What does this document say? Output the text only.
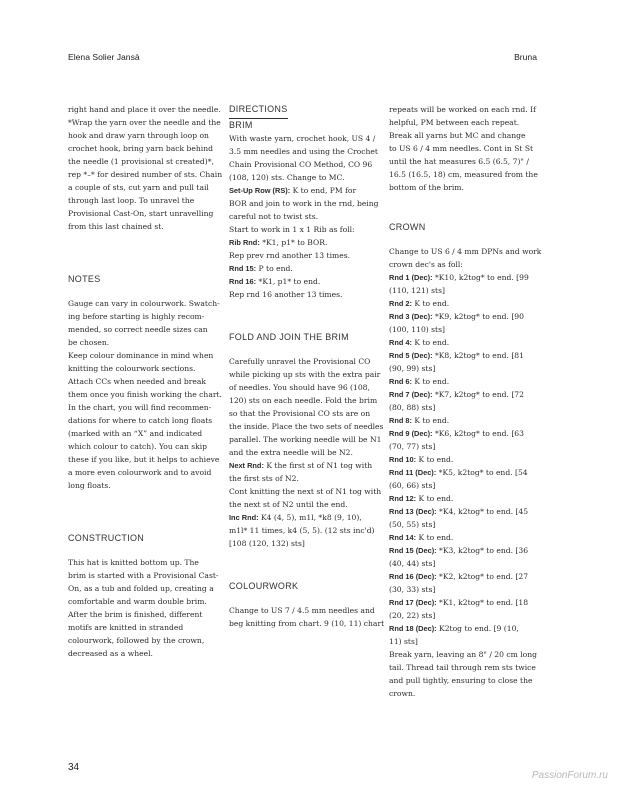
Elena Solier Jansà	Bruna

right hand and place it over the needle.
*Wrap the yarn over the needle and the
hook and draw yarn through loop on
crochet hook, bring yarn back behind
the needle (1 provisional st created)*,
rep *–* for desired number of sts. Chain
a couple of sts, cut yarn and pull tail
through last loop. To unravel the
Provisional Cast-On, start unravelling
from this last chained st.

NOTES

Gauge can vary in colourwork. Swatch-
ing before starting is highly recom-
mended, so correct needle sizes can
be chosen.

Keep colour dominance in mind when
knitting the colourwork sections.
Attach CCs when needed and break
them once you finish working the chart.

In the chart, you will find recommen-
dations for where to catch long floats
(marked with an “X” and indicated
which colour to catch). You can skip
these if you like, but it helps to achieve
a more even colourwork and to avoid
long floats.

CONSTRUCTION

This hat is knitted bottom up. The
brim is started with a Provisional Cast-
On, as a tub and folded up, creating a
comfortable and warm double brim.
After the brim is finished, different
motifs are knitted in stranded
colourwork, followed by the crown,
decreased as a wheel.

DIRECTIONS

BRIM

With waste yarn, crochet hook, US 4 /
3.5 mm needles and using the Crochet
Chain Provisional CO Method, CO 96
(108, 120) sts. Change to MC.

Set-Up Row (RS): K to end, PM for
BOR and join to work in the rnd, being
careful not to twist sts.

Start to work in 1 x 1 Rib as foll:
Rib Rnd: *K1, p1* to BOR.
Rep prev rnd another 13 times.

Rnd 15: P to end.
Rnd 16: *K1, p1* to end.
Rep rnd 16 another 13 times.

FOLD AND JOIN THE BRIM

Carefully unravel the Provisional CO
while picking up sts with the extra pair
of needles. You should have 96 (108,
120) sts on each needle. Fold the brim
so that the Provisional CO sts are on
the inside. Place the two sets of needles
parallel. The working needle will be N1
and the extra needle will be N2.

Next Rnd: K the first st of N1 tog with
the first sts of N2.
Cont knitting the next st of N1 tog with
the next st of N2 until the end.

Inc Rnd: K4 (4, 5), m1l, *k8 (9, 10),
m1l* 11 times, k4 (5, 5). (12 sts inc'd)
[108 (120, 132) sts]

COLOURWORK

Change to US 7 / 4.5 mm needles and
beg knitting from chart. 9 (10, 11) chart

repeats will be worked on each rnd. If
helpful, PM between each repeat.

Break all yarns but MC and change
to US 6 / 4 mm needles. Cont in St St
until the hat measures 6.5 (6.5, 7)" /
16.5 (16.5, 18) cm, measured from the
bottom of the brim.

CROWN

Change to US 6 / 4 mm DPNs and work
crown dec's as foll:

Rnd 1 (Dec): *K10, k2tog* to end. [99
(110, 121) sts]
Rnd 2: K to end.
Rnd 3 (Dec): *K9, k2tog* to end. [90
(100, 110) sts]
Rnd 4: K to end.
Rnd 5 (Dec): *K8, k2tog* to end. [81
(90, 99) sts]
Rnd 6: K to end.
Rnd 7 (Dec): *K7, k2tog* to end. [72
(80, 88) sts]
Rnd 8: K to end.
Rnd 9 (Dec): *K6, k2tog* to end. [63
(70, 77) sts]
Rnd 10: K to end.
Rnd 11 (Dec): *K5, k2tog* to end. [54
(60, 66) sts]
Rnd 12: K to end.
Rnd 13 (Dec): *K4, k2tog* to end. [45
(50, 55) sts]
Rnd 14: K to end.
Rnd 15 (Dec): *K3, k2tog* to end. [36
(40, 44) sts]
Rnd 16 (Dec): *K2, k2tog* to end. [27
(30, 33) sts]
Rnd 17 (Dec): *K1, k2tog* to end. [18
(20, 22) sts]
Rnd 18 (Dec): K2tog to end. [9 (10,
11) sts]

Break yarn, leaving an 8" / 20 cm long
tail. Thread tail through rem sts twice
and pull tightly, ensuring to close the
crown.

34
PassionForum.ru
